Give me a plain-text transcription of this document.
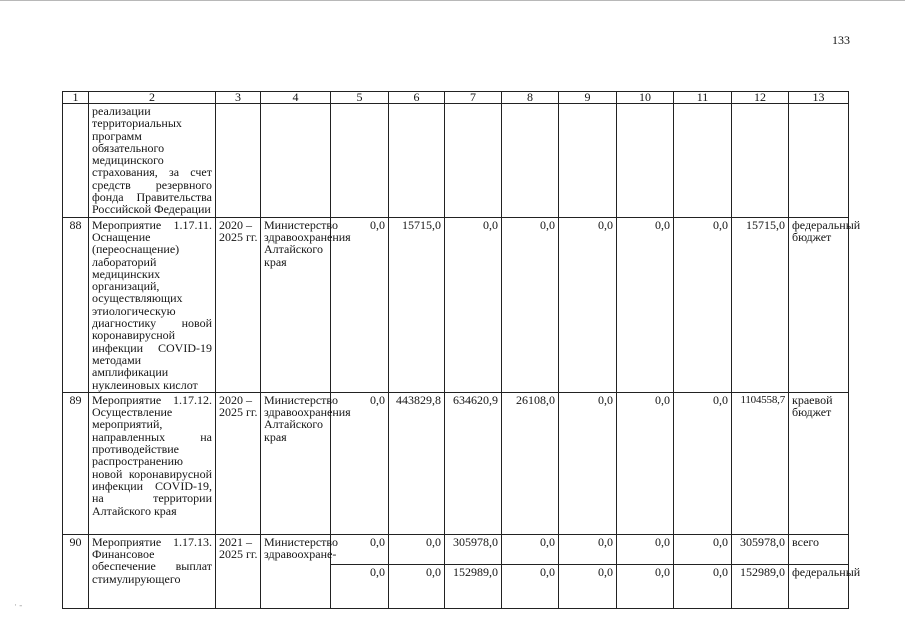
133
1	2	3	4	5	6	7	8	9	10	11	12	13
	реализации территориальных программ обязательного медицинского страхования, за счет средств резервного фонда Правительства Российской Федерации											
88	Мероприятие 1.17.11. Оснащение (переоснащение) лабораторий медицинских организаций, осуществляющих этиологическую диагностику новой коронавирусной инфекции COVID-19 методами амплификации нуклеиновых кислот	2020 – 2025 гг.	Министерство здравоохранения Алтайского края	0,0	15715,0	0,0	0,0	0,0	0,0	0,0	15715,0	федеральный бюджет
89	Мероприятие 1.17.12. Осуществление мероприятий, направленных на противодействие распространению новой коронавирусной инфекции COVID-19, на территории Алтайского края	2020 – 2025 гг.	Министерство здравоохранения Алтайского края	0,0	443829,8	634620,9	26108,0	0,0	0,0	0,0	1104558,7	краевой бюджет
90	Мероприятие 1.17.13. Финансовое обеспечение выплат стимулирующего	2021 – 2025 гг.	Министерство здравоохране-	0,0	0,0	305978,0	0,0	0,0	0,0	0,0	305978,0	всего
				0,0	0,0	152989,0	0,0	0,0	0,0	0,0	152989,0	федеральный
· -
